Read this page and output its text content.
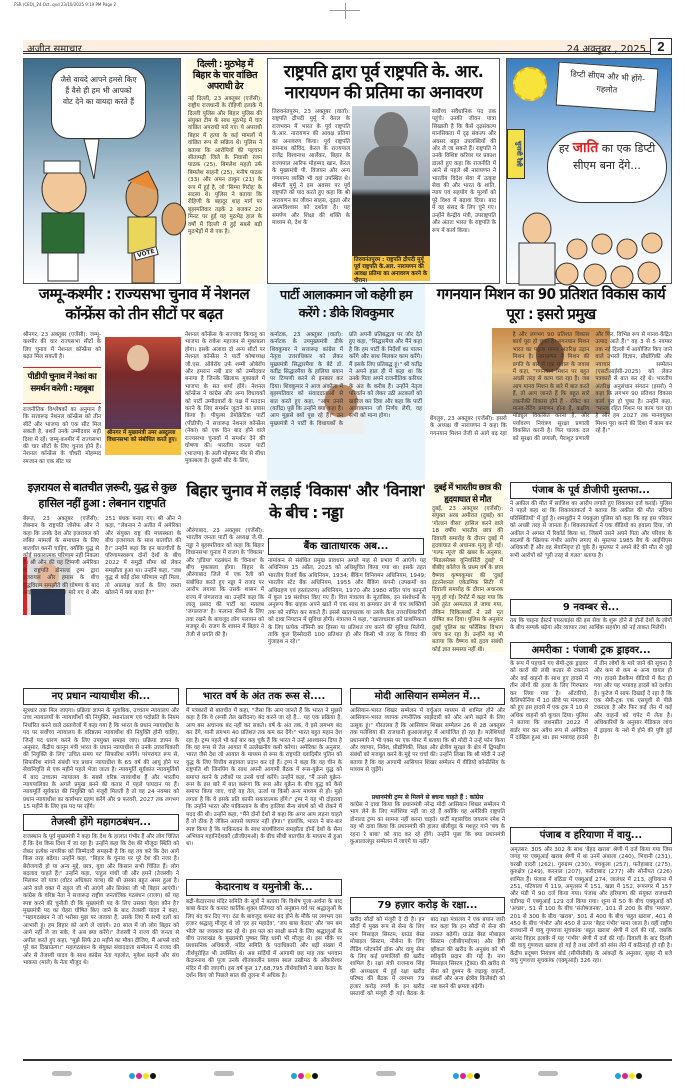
FSR (CED)_24 Oct..qxd 23/10/2025 9:19 PM Page 2
अजीत समाचार	24 अक्तूबर , 2025 2
जैसे वायदे आपने हमसे किए हैं वैसे ही हम भी आपको वोट देने का वायदा करते हैं
VOTE
दिल्ली : मुठभेड़ में बिहार के चार वांछित अपराधी ढेर
नई दिल्ली, 23 अक्तूबर (एजेंसी): राष्ट्रीय राजधानी के रोहिणी इलाके में दिल्ली पुलिस और बिहार पुलिस की संयुक्त टीम के साथ मुठभेड़ में चार वांछित अपराधी मारे गए। ये अपराधी बिहार में हत्या के कई मामलों में वांछित रूप से सक्रिय थे। पुलिस ने बताया कि आरोपियों की पहचान सीतामढ़ी जिले के निवासी रंजन पाठक (25), बिमलेश महतो उर्फ बिमलेश साहनी (25), मनीष पाठक (33) और अमन ठाकुर (21) के रूप में हुई है, जो 'सिग्मा गिरोह' के सदस्य थे। पुलिस ने बताया कि रोहिणी के बहादुर शाह मार्ग पर बृहस्पतिवार तड़के 2 बजकर 20 मिनट पर हुई यह मुठभेड़ हाल के वर्षों में दिल्ली में हुई सबसे बड़ी मुठभेड़ों में से एक है।
राष्ट्रपति द्वारा पूर्व राष्ट्रपति के. आर. नारायणन की प्रतिमा का अनावरण
तिरुवनंतपुरम, 23 अक्तूबर (वार्ता): राष्ट्रपति द्रौपदी मुर्मू ने केरल के राजभवन में भारत के पूर्व राष्ट्रपति के.आर. नारायणन की आवक्ष प्रतिमा का अनावरण किया। पूर्व राष्ट्रपति रामनाथ कोविंद, केरल के राज्यपाल राजेंद्र विश्वनाथ आर्लेकर, बिहार के राज्यपाल आरिफ मोहम्मद खान, केरल के मुख्यमंत्री पी. विजयन और अन्य गणमान्य व्यक्ति भी वहां उपस्थित थे। श्रीमती मुर्मू ने इस अवसर पर पूर्व राष्ट्रपति को याद करते हुए कहा कि श्री नारायणन का जीवन साहस, दृढ़ता और आत्मविश्वास को दर्शाता है। यह समर्पण और शिक्षा की शक्ति के माध्यम से, देश के
तिरुवनंतपुरम : राष्ट्रपति द्रौपदी मुर्मू पूर्व राष्ट्रपति के.आर. नारायणन की आवक्ष प्रतिमा का अनावरण करने के दौरान।
सर्वोच्च संवैधानिक पद तक पहुंचे। उनकी जीवन यात्रा सिखाती है कि कैसे दृढ़संकल्प मानसिकता में दृढ़ संकल्प और अवसर बहुत उपलब्धियों की ओर ले जा सकते हैं। राष्ट्रपति ने उनके विशिष्ट करियर पर प्रकाश डालते हुए कहा कि राजनीति में आने से पहले श्री नारायणन ने भारतीय विदेश सेवा में उत्कृष्ट सेवा की और भारत के शांति, न्याय एवं सहयोग के मूल्यों को पूरे विश्व में बढ़ावा दिया। बाद में वह संसद के लिए चुने गए। उन्होंने केन्द्रीय मंत्री, उपराष्ट्रपति और अंततः भारत के राष्ट्रपति के रूप में कार्य किया।
डिप्टी सीएम और भी होंगे- गहलोत
चुनावी रैली	हर जाति का एक डिप्टी सीएम बना देंगे...
जम्मू-कश्मीर : राज्यसभा चुनाव में नेशनल कॉन्फ्रेंस को तीन सीटों पर बढ़त
श्रीनगर, 23 अक्तूबर (एजेंसी): जम्मू-कश्मीर की चार राज्यसभा सीटों के लिए चुनाव में नेशनल कॉन्फ्रेंस को बढ़त मिल सकती है।
पीडीपी चुनाव में नेकां का समर्थन करेगी : महबूबा
राजनीतिक विश्लेषकों का अनुमान है कि सत्तारूढ़ नेशनल कॉन्फ्रेंस को तीन सीटें और भाजपा को एक सीट मिल सकती है, बशर्ते उनके उम्मीदवार सही दिशा में रहें। जम्मू-कश्मीर में राज्यसभा की चार सीटों के लिए चुनाव होने हैं। नेशनल कॉन्फ्रेंस के चौधरी मोहम्मद रमजान का एक सीट पर
श्रीनगर में मुख्यमंत्री उमर अब्दुल्ला विधानसभा को संबोधित करते हुए।
नेशनल कॉन्फ्रेंस के सज्जाद किचलू का भाजपा के राकेश महाजन से मुकाबला होगा। इसके अलावा दो अन्य सीटों पर नेशनल कॉन्फ्रेंस ने पार्टी कोषाध्यक्ष जी.एस. ओबेरॉय उर्फ शम्मी ओबेरॉय और इमरान नबी डार को उम्मीदवार बनाया है जिनके खिलाफ मुकाबले में भाजपा के सत शर्मा होंगे। नेशनल कॉन्फ्रेंस ने कांग्रेस और अन्य विधायकों को पार्टी उम्मीदवारों के पक्ष में मतदान करने के लिए समर्थन जुटाने का प्रयास किया है। पीपुल्स डेमोक्रेटिक पार्टी (पीडीपी) ने सत्तारूढ़ नेशनल कॉन्फ्रेंस (नेकां) को एक दिन बाद होने वाले राज्यसभा चुनावों में समर्थन देने की घोषणा की। भारतीय जनता पार्टी (भाजपा) के अली मोहम्मद मीर से सीधा मुकाबला है। दूसरी सीट के लिए,
पार्टी आलाकमान जो कहेगी हम करेंगे : डीके शिवकुमार
कर्नाटक, 23 अक्तूबर (वार्ता): कर्नाटक के उपमुख्यमंत्री डीके शिवकुमार ने सत्तारूढ़ कांग्रेस में नेतृत्व उत्तराधिकार को लेकर मुख्यमंत्री सिद्धारमैया के बेटे डॉ. यतींद्र सिद्धारमैया के हालिया बयान पर टिप्पणी करने से इनकार कर दिया। शिवकुमार ने आज अंकोला में बृहस्पतिवार को संवाददाताओं से बात करते हुए कहा, "आप उनसे (यतींद्र) पूछें कि उन्होंने क्या कहा है। आप मुझसे क्यों पूछ रहे हैं।" उन मुख्यमंत्री ने पार्टी के विधायकों के प्रति अपनी प्रतिबद्धता पर जोर देते हुए कहा, "सिद्धारमैया और मैंने कहा है कि हम पार्टी के निर्देशों का पालन करेंगे और साथ मिलकर काम करेंगे। मैं इसके लिए प्रतिबद्ध हूं।" श्री यतींद्र ने अपने हाल ही में कहा था कि उनके पिता अपने राजनीतिक करियर के अंत के करीब हैं। उन्होंने नेतृत्व परिवर्तन को लेकर उठी अटकलों को खारिज कर दिया और कहा कि पार्टी आलाकमान जो निर्णय लेगी, वह सभी को मान्य होगा।
गगनयान मिशन का 90 प्रतिशत विकास कार्य पूरा : इसरो प्रमुख
बेंगलुरु, 23 अक्तूबर (एजेंसी): इसरो के अध्यक्ष वी नारायणन ने कहा कि गगनयान मिशन तेजी से आगे बढ़ रहा है और लगभग 90 प्रतिशत विकास कार्य पूरा हो चुका है। गगनयान मिशन भारत का पहला मानव अंतरिक्ष उड़ान मिशन है। नारायणन ने मिशन की प्रगति के बारे में एक सवाल के जवाब में कहा, "गगनयान मिशन पर बहुत अच्छी तरह से काम चल रहा है। जब आप मानव मिशन के बारे में बात करते हैं, तो आप जानते हैं कि बहुत सारे तकनीकी विकास होने हैं - रॉकेट का मानव-रेटिंग प्रमाणन होना है, कक्षीय मॉड्यूल विकसित करना है, और पर्यावरण नियंत्रण सुरक्षा प्रणाली विकसित करनी है। फिर चालक दल को सुरक्षा की प्रणाली, पैराशूट प्रणाली और फिर, विभिन्न रूप से मानव-केंद्रित उत्पाद आते हैं।" वह 3 से 5 नवम्बर तक नई दिल्ली में आयोजित किए जाने वाले उभरते विज्ञान, प्रौद्योगिकी और नवाचार सम्मेलन (एसटीआईसी-2025) को लेकर पत्रकारों से बात कर रहे थे। भारतीय अंतरिक्ष अनुसंधान संगठन (इसरो) ने कहा कि लगभग 90 प्रतिशत विकास कार्य पूरा हो चुका है। उन्होंने कहा, "मानव रहित मिशन पर काम चल रहा है और हम 2027 तक मानवयुक्त मिशन पूरा करने की दिशा में काम कर रहे हैं।"
इज़रायल से बातचीत ज़रूरी, युद्ध से कुछ हासिल नहीं हुआ : लेबनान राष्ट्रपति
बेरूत, 23 अक्तूबर (एजेंसी): लेबनान के राष्ट्रपति जोसेफ औन ने कहा कि उनके देश और इजरायल को लंबित मामलों के समाधान के लिए बातचीत करनी चाहिए, क्योंकि युद्ध से कोई सकारात्मक परिणाम नहीं निकला है। श्री औन की यह टिप्पणी अमेरिका के राष्ट्रपति डोनाल्ड ट्रम्प द्वारा इजरायल और हमास के बीच युद्धविराम समझौते की घोषणा के बाद आई है। 1,200 लोग मारे गए थे और 251 बंधक बनाए गए। श्री औन ने कहा, "लेबनान ने अतीत में अमेरिका और संयुक्त राष्ट्र की मध्यस्थता के बीच इजरायल के साथ बातचीत की है।" उन्होंने कहा कि इन बातचीतों के परिणामस्वरूप दोनों देशों के बीच 2022 में समुद्री सीमा को लेकर समझौता हुआ था। उन्होंने कहा, "जब युद्ध से कोई ठोस परिणाम नहीं मिला, तो अप्रत्यक्ष वार्ता के लिए रास्ता खोलने में क्या बाधा है?"
बिहार चुनाव में लड़ाई 'विकास' और 'विनाश' के बीच : नड्डा
औरंगाबाद, 23 अक्तूबर (एजेंसी): भारतीय जनता पार्टी के अध्यक्ष जे.पी. नड्डा ने बृहस्पतिवार को कहा कि बिहार विधानसभा चुनाव में राजग के 'विकास' और 'इंडिया' गठबंधन के 'विनाश' के बीच मुकाबला होगा। बिहार के औरंगाबाद जिले में एक रैली को संबोधित करते हुए नड्डा ने राजद पर आरोप लगाया कि उसके शासन में राज्य में जंगलराज था। उन्होंने कहा कि लालू प्रसाद की पार्टी का मतलब 'जंगलराज' है। फलाना सेंकने के लिए तवा रखने के बावजूद लोग पलायन को मजबूर थे। राजग के शासन में बिहार ने तेजी से प्रगति की है।
बैंक खाताधारक अब...
नामांकन से संबंधित प्रमुख प्रावधान अगले माह से प्रभाव में आएंगे। यह अधिनियम 15 अप्रैल, 2025 को अधिसूचित किया गया था। इसके तहत भारतीय रिजर्व बैंक अधिनियम, 1934; बैंकिंग विनियमन अधिनियम, 1949; भारतीय स्टेट बैंक अधिनियम, 1955 और बैंकिंग कंपनी (उपक्रमों का अधिग्रहण एवं हस्तांतरण) अधिनियम, 1970 और 1980 सहित पांच कानूनों में कुल 19 संशोधन किए गए हैं। वित्त मंत्रालय के मुताबिक, इन संशोधनों के अनुरूप बैंक ग्राहक अपने खाते में एक साथ या क्रमवार ढंग से चार व्यक्तियों तक को नामित कर सकते हैं। इससे खाताधारक या उसके कैश उत्तराधिकारियों को दावा निपटान में सुविधा होगी। मंत्रालय ने कहा, "खाताधारक को प्राथमिकता के लिए प्रत्येक नॉमिनी का हिस्सा या प्रतिशत तय करने की सुविधा मिलेगी, ताकि कुल हिस्सेदारी 100 प्रतिशत हो और किसी भी तरह के विवाद की गुंजाइश न रहे।"
दुबई में भारतीय छात्र की हृदयाघात से मौत
दुबई, 23 अक्तूबर (एजेंसी): संयुक्त अरब अमीरात (दुबई) का 'गोल्डन वीसा' हासिल करने वाले 18 वर्षीय भारतीय छात्र की दिवाली समारोह के दौरान दुबई में हृदयाघात से अचानक मृत्यु हो गई। 'गल्फ न्यूज' की खबर के अनुसार, 'मिडलसेक्स यूनिवर्सिटी दुबई' में बीबीए कॉलेज के प्रथम वर्ष के छात्र वैष्णव कृष्णकुमार की 'दुबई इंटरनेशनल एकेडमिक सिटी' में दिवाली समारोह के दौरान अचानक मृत्यु हो गई। रिपोर्ट में कहा गया कि उसे तुरंत अस्पताल ले जाया गया, लेकिन चिकित्सकों ने उसे मृत घोषित कर दिया। पुलिस के अनुसार दुबई पुलिस का फोरेंसिक विभाग जांच कर रहा है। उन्होंने यह भी बताया कि वैष्णव को हृदय संबंधी कोई ज्ञात समस्या नहीं थी।
पंजाब के पूर्व डीजीपी मुस्तफा...
ने अकील की मौत में साजिश का आरोप लगाते हुए शिकायत दर्ज कराई। पुलिस ने पहले कहा था कि शिकायतकर्ता ने बताया कि अकील की मौत 'संदिग्ध परिस्थितियों' में हुई है। शमशुद्दीन ने पंचकूला पुलिस को कहा कि वह इस परिवार को अच्छी तरह से जानता है। शिकायतकर्ता ने एक वीडियो का हवाला दिया, जो अकील ने अगस्त में रिकॉर्ड किया था, जिसमें उसने अपने पिता और परिवार के सदस्यों के खिलाफ गंभीर आरोप लगाए थे। मुस्तफा 1985 बैच के आईपीएस अधिकारी हैं और वह सेवानिवृत्त हो चुके हैं। मुस्तफा ने अपने बेटे की मौत से जुड़े सभी आरोपों को 'पूरी तरह से गलत' बताया है।
9 नवम्बर से...
तय कि चाइना ईस्टर्न एयरलाइंस की इस सेवा के शुरू होने से दोनों देशों के लोगों के बीच सम्पर्क बढ़ेगा और व्यापार तथा आर्थिक सहयोग को नई ताकत मिलेगी।
अमरीका : पंजाबी ट्रक ड्राइवर...
के रूप में पहचाने गए सेमी-ट्रक ड्राइवर को कारों की लंबी कतार से टकराने और कई वाहनों के साथ हुए हादसे में तीन लोगों की हत्या के लिए गिरफ्तार कर लिया गया है। ओंटारियो, कैलिफोर्निया में 10 फ्रीवे पर मंगलवार को हुए इस हादसे में एक ट्रक ने 10 से अधिक वाहनों को कुचल दिया। पुलिस ने बताया कि जशनप्रीत 2022 में बार्डर पार कर अवैध रूप से अमेरिका में दाखिल हुआ था। इस भयावह हादसे में तीन लोगों के मारे जाने की सूचना है और कम से कम 4 अन्य घायल हो गए। हादसे डैशकैम वीडियो में कैद हो गया और यह भयावह हादसे को दर्शाता है। फुटेज में साफ दिखाई दे रहा है कि एक सेमी-ट्रक एक एसयूवी से पीछे टकराता है और फिर कई लेन में कई और वाहनों को चपेट में लेता है। अधिकारियों के अनुसार मेडिकल जांच में ड्राइवर के नशे में होने की पुष्टि हुई है।
नए प्रधान न्यायाधीश की...
सूत्रधार तक मिल जाएगा। प्रक्रिया ज्ञापन के मुताबिक, उच्चतम न्यायालय और उच्च न्यायालयों के न्यायाधीशों की नियुक्ति, स्थानांतरण एवं पदोन्नति के नियम निर्धारित करने वाले दस्तावेजों में कहा गया है कि भारत के प्रधान न्यायाधीश के पद पर सर्वोच्च न्यायालय के वरिष्ठतम न्यायाधीश की नियुक्ति होनी चाहिए, जिन्हें पद धारण करने के लिए उपयुक्त समझा जाए। प्रक्रिया ज्ञापन के अनुसार, केंद्रीय कानून मंत्री भारत के प्रधान न्यायाधीश से उनके उत्तराधिकारी की नियुक्ति के लिए 'उचित समय पर' सिफारिश मांगेंगे। परंपरागत रूप से, सिफारिश मांगने संबंधी पत्र प्रधान न्यायाधीश के 65 वर्ष की आयु होने पर सेवानिवृत्ति से एक महीने पहले भेजा जाता है। न्यायमूर्ति सूर्यकांत न्यायमूर्तियों में बाद उच्चतम न्यायालय के सबसे वरिष्ठ न्यायाधीश हैं और भारतीय न्यायपालिका के अगले प्रमुख बनने की कतार में पहले पायदान पर हैं। न्यायमूर्ति सूर्यकांत की नियुक्ति को मंजूरी मिलती है तो वह 24 नवम्बर को प्रधान न्यायाधीश का कार्यभार ग्रहण करेंगे और 9 फरवरी, 2027 तक लगभग 15 महीने के लिए इस पद पर रहेंगे।
तेजस्वी होंगे महागठबंधन...
राजस्थान के पूर्व मुख्यमंत्री ने कहा कि देश के हालात गंभीर हैं और लोग चिंतित हैं कि देश किस दिशा में जा रहा है। उन्होंने कहा कि देश की मौजूदा स्थिति को लेकर प्रत्येक नागरिक को जिम्मेदारी समझनी है कि वह तय करे कि देश आगे किस तरह बढ़ेगा। उन्होंने कहा, "बिहार के चुनाव पर पूरे देश की नजर है। बेरोजगारी हो या अन्य मुद्दे, छात्र, युवा और किसान सभी चिंतित हैं। लोग बदलाव चाहते हैं।" उन्होंने कहा, 'राहुल गांधी जी और हमने (तेजस्वी) ने मिलकर जो यात्रा (वोटर अधिकार यात्रा) की थी उसका बहुत असर हुआ है। आने वाले वक्त में राहुल जी भी आएंगे और प्रियंका जी भी बिहार आएंगी।' कांग्रेस के वरिष्ठ नेता ने सत्तारूढ़ राष्ट्रीय जनतांत्रिक गठबंधन (राजग) को यह स्पष्ट करने की चुनौती दी कि मुख्यमंत्री पद के लिए उसका चेहरा कौन है? मुख्यमंत्री पद का चेहरा घोषित किए जाने के बाद तेजस्वी यादव ने कहा, "महागठबंधन ने जो भरोसा मुझ पर जताया है, उसके लिए मैं सभी दलों का आभारी हूं। हम बिहार को आगे ले जाएंगे। 20 साल में जो लोग बिहार को आगे नहीं ले जा सके, वे अब क्या करेंगे।" तेजस्वी ने राज्य की जनता से अपील करते हुए कहा, "मुझे सिर्फ 20 महीने का मौका दीजिए, मैं आपसे वादे पूरे कर दिखाऊंगा।" महागठबंधन के संयुक्त संवाददाता सम्मेलन में राजद की ओर से तेजस्वी यादव के साथ कांग्रेस नेता गहलोत, मुकेश सहनी और संघ भाकपा (माले) के नेता मौजूद थे।
भारत वर्ष के अंत तक रूस से....
में पत्रकारों से बातचीत में कहा, "जैसा कि आप जानते हैं कि भारत ने मुझसे कहा है कि वे (रूसी तेल खरीदना) बंद करने जा रहे हैं... यह एक प्रक्रिया है, आप बस अचानक बंद नहीं कर सकते। वर्ष के अंत तक, वे इसे लगभग बंद कर देंगे, यानी लगभग 40 प्रतिशत तक कम कर देंगे।" भारत बहुत महान देश रहा है। ट्रम्प पहले भी कई बार कह चुके हैं कि भारत ने उन्हें आश्वासन दिया है कि वह रूस से तेल आयात में उल्लेखनीय कमी करेगा। अमेरिका के अनुसार, भारत जैसे देश जो आयात के माध्यम से रूस के राष्ट्रपति व्लादिमीर पुतिन को युद्ध के लिए वित्तीय सहायता प्रदान कर रहे हैं। ट्रम्प ने कहा कि वह चीन के राष्ट्रपति शी जिनपिंग के साथ अपनी आगामी बैठक में रूस-यूक्रेन युद्ध को समाप्त करने के तरीकों पर उनसे चर्चा करेंगे। उन्होंने कहा, "मैं उनसे यूक्रेन-रूस के इस बारे में बात करूंगा कि रूस और यूक्रेन के बीच युद्ध को कैसे समाप्त किया जाए, चाहे वह तेल, ऊर्जा या किसी अन्य माध्यम से हो। मुझे लगता है कि वे इसके प्रति काफी सकारात्मक होंगे।" ट्रम्प ने यह भी दोहराया कि उन्होंने भारत और पाकिस्तान के बीच हालिया सैन्य संघर्ष को भी रोकने में मदद की थी। उन्होंने कहा, "मैंने दोनों देशों से कहा कि अगर आप लड़ना चाहते हैं तो ठीक है लेकिन आपसे व्यापार नहीं होगा।" हालांकि, भारत ने बार-बार स्पष्ट किया है कि पाकिस्तान के साथ संघर्षविराम समझौता दोनों देशों के सैन्य अभियान महानिदेशकों (डीजीएमओ) के बीच सीधी बातचीत के माध्यम से हुआ था।
केदारनाथ व यमुनोत्री के...
बद्री-केदारनाथ मंदिर समिति के सूत्रों ने बताया कि विशेष पूजा-अर्चना के बाद बाबा केदार के कपाट कार्तिक शुक्ल प्रतिपदा को अनुष्ठान पर्व पर श्रद्धालुओं के लिए बंद कर दिए गए। ठंड के बावजूद कपाट बंद होने के मौके पर लगभग दस हजार श्रद्धालु मौजूद थे जो 'हर हर महादेव', 'जय बाबा केदार' और 'बम बम भोले' का जयकारा कर रहे थे। इस पल का साक्षी बनने के लिए श्रद्धालुओं के बीच उत्तराखंड के मुख्यमंत्री पुष्कर सिंह धामी भी मौजूद थे। इस मौके पर प्रशासनिक अधिकारी, मंदिर समिति के पदाधिकारी और बड़ी संख्या में तीर्थपुरोहित भी उपस्थित थे। अब सर्दियों में आगामी छह माह तक भगवान केदारनाथ की पूजा उनके शीतकालीन प्रवास स्थल उखीमठ के ओंकारेश्वर मंदिर में की जाएगी। इस वर्ष कुल 17,68,795 तीर्थयात्रियों ने बाबा केदार के दर्शन किए जो पिछले साल की तुलना में अधिक है।
मोदी आसियान सम्मेलन में...
आसियान-भारत शिखर सम्मेलन में वर्चुअल माध्यम से शामिल होने और आसियान-भारत व्यापक रणनीतिक साझेदारी को और आगे बढ़ाने के लिए उत्सुक हूं।" गौरतलब है कि आसियान शिखर सम्मेलन 26 से 28 अक्तूबर तक मलेशिया की राजधानी कुआलालंपुर में आयोजित हो रहा है। मलेशियाई प्रधानमंत्री ने भी एक्स पर एक पोस्ट में बताया कि श्री मोदी ने उन्हें फोन किया और व्यापार, निवेश, प्रौद्योगिकी, शिक्षा और क्षेत्रीय सुरक्षा के क्षेत्र में द्विपक्षीय संबंधों को मजबूत करने के मुद्दे पर चर्चा की। उन्होंने लिखा कि श्री मोदी ने उन्हें बताया है कि वह आगामी आसियान शिखर सम्मेलन में वीडियो कॉन्फ्रेंसिंग के माध्यम से जुड़ेंगे।
प्रधानमंत्री ट्रम्प से मिलने से बचना चाहते हैं : कांग्रेस
कांग्रेस ने दावा किया कि प्रधानमंत्री नरेन्द्र मोदी आसियान शिखर सम्मेलन में भाग लेने के लिए मलेशिया नहीं जा रहे हैं क्योंकि वह अमेरिकी राष्ट्रपति डोनाल्ड ट्रम्प का सामना नहीं करना चाहते। पार्टी महासचिव जयराम रमेश ने यह भी दावा किया कि प्रधानमंत्री की हालत बॉलीवुड के मशहूर गाने 'बच के रहना रे बाबा' को याद कर रहे होंगे। उन्होंने पूछा कि क्या प्रधानमंत्री कुआलालंपुर सम्मेलन में जाएंगे या नहीं?
79 हज़ार करोड़ के रक्षा...
खरीद सौदों को मंजूरी दे दी है। इन सौदों में मुख्य रूप से सेना के लिए नाग मिसाइल सिस्टम, ग्राउंड बेस्ड मोबाइल सिस्टम, नौसेना के लिए लैंडिंग प्लेटफॉर्म डॉक और वायु सेना के लिए कई प्रणालियों की खरीद शामिल है। रक्षा मंत्री राजनाथ सिंह की अध्यक्षता में हुई रक्षा खरीद परिषद की बैठक में लगभग 79 हजार करोड़ रुपये के इन खरीद प्रस्तावों को मंजूरी दी गई। बैठक के बाद रक्षा मंत्रालय ने एक बयान जारी कर कहा कि इन सौदों से सेना की ताकत बढ़ेगी। ग्राउंड बेस्ड मोबाइल सिस्टम (जीबीएमईएस) और हैवी व्हीकल की खरीद के अनुबंध को भी स्वीकृति प्रदान की गई है। नाग मिसाइल सिस्टम (ट्रैक्ड) की खरीद से सेना को दुश्मन के लड़ाकू वाहनों, बंकरों और अन्य क्षेत्रीय किलेबंदी को नष्ट करने की क्षमता बढ़ेगी।
पंजाब व हरियाणा में वायु...
अमृतसर: 305 और 302 के साथ 'बेहद खराब' श्रेणी में दर्ज किया गया जिस जगह पर एक्यूआई खराब श्रेणी में था उनमें अंबाला (240), भिवानी (231), चरखी दादरी (262), गुरुग्राम (230), पंचकूला (257), फतेहाबाद (275), कुरुक्षेत्र (249), करनाल (207), फरीदाबाद (277) और सोनीपत (226) शामिल हैं। पंजाब में बठिंडा में एक्यूआई 274, जालंधर में 213, लुधियाना में 251, पटियाला में 119, अमृतसर में 151, खन्ना में 152, रूपनगर में 157 और मंडी में 90 दर्ज किया गया। पंजाब और हरियाणा की संयुक्त राजधानी चंडीगढ़ में एक्यूआई 129 दर्ज किया गया। शून्य से 50 के बीच एक्यूआई को 'अच्छा', 51 से 100 के बीच 'संतोषजनक', 101 से 200 के बीच 'मध्यम', 201 से 300 के बीच 'खराब', 301 से 400 के बीच 'बहुत खराब', 401 से 450 के बीच 'गंभीर' और 450 से ऊपर 'बेहद गंभीर' माना जाता है। वहीं राष्ट्रीय राजधानी में वायु गुणवत्ता सूचकांक 'बहुत खराब' श्रेणी में दर्ज की गई, जबकि आनंद विहार इलाके में यह 'गंभीर' श्रेणी में दर्ज की गई। दिवाली के बाद दिल्ली की वायु गुणवत्ता खराब हो गई है तथा लोगों को सांस लेने में कठिनाई हो रही है। केंद्रीय प्रदूषण नियंत्रण बोर्ड (सीपीसीबी) के आंकड़ों के अनुसार, सुबह नौ बजे वायु गुणवत्ता सूचकांक (एक्यूआई) 326 रहा।
